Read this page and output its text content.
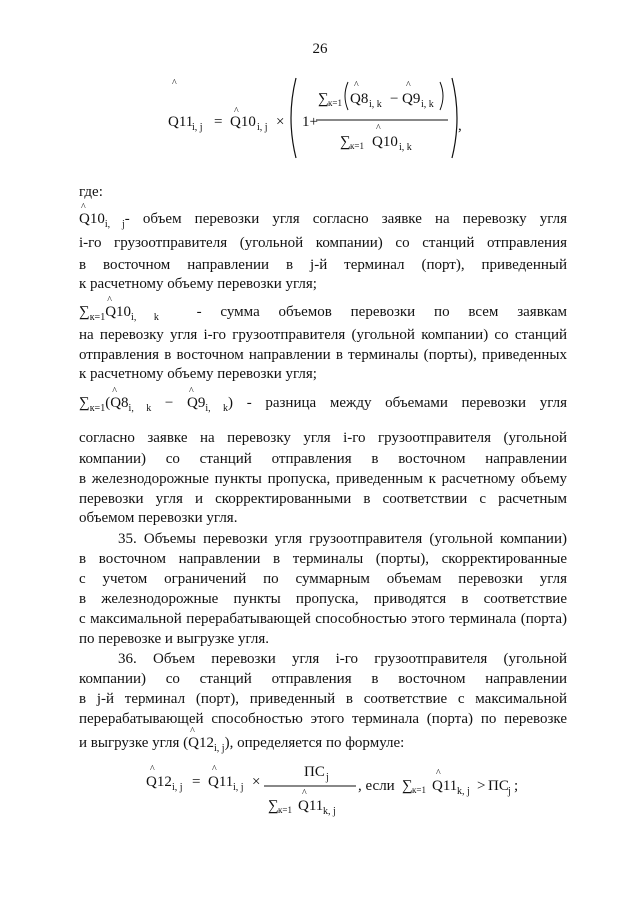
26
^
Q11
i, j =
^
Q10 i, j × 1+
∑ к=1
^
Q8 i, k −
^
Q9 i, k
∑ к=1
^
Q10 i, k
,
где:
^ $Q10_{i, j}-$ объем перевозки угля согласно заявке на перевозку угля
i-го грузоотправителя (угольной компании) со станций отправления
в восточном направлении в j-й терминал (порт), приведенный
к расчетному объему перевозки угля;
$\sum_{к=1}\^{}$ $Q10_{i, k}$	- сумма объемов перевозки по всем заявкам
на перевозку угля i-го грузоотправителя (угольной компании) со станций
отправления в восточном направлении в терминалы (порты), приведенных
к расчетному объему перевозки угля;
$\sum_{к=1}(\^{}$ $Q8_{i, k}$ − ^ $Q9_{i, k}$) - разница между объемами перевозки угля
согласно заявке на перевозку угля i-го грузоотправителя (угольной
компании) со станций отправления в восточном направлении
в железнодорожные пункты пропуска, приведенным к расчетному объему
перевозки угля и скорректированными в соответствии с расчетным
объемом перевозки угля.
35. Объемы перевозки угля грузоотправителя (угольной компании)
в восточном направлении в терминалы (порты), скорректированные
с учетом ограничений по суммарным объемам перевозки угля
в железнодорожные пункты пропуска, приводятся в соответствие
с максимальной перерабатывающей способностью этого терминала (порта)
по перевозке и выгрузке угля.
36. Объем перевозки угля i-го грузоотправителя (угольной
компании) со станций отправления в восточном направлении
в j-й терминал (порт), приведенный в соответствие с максимальной
перерабатывающей способностью этого терминала (порта) по перевозке
и выгрузке угля (^ $Q12_{i, j}$), определяется по формуле:
^
Q12 i, j =
^
Q11 i, j ×
ПС j
∑ к=1
^
Q11 k, j
, если ∑ к=1
^
Q11 k, j > ПС j ;
